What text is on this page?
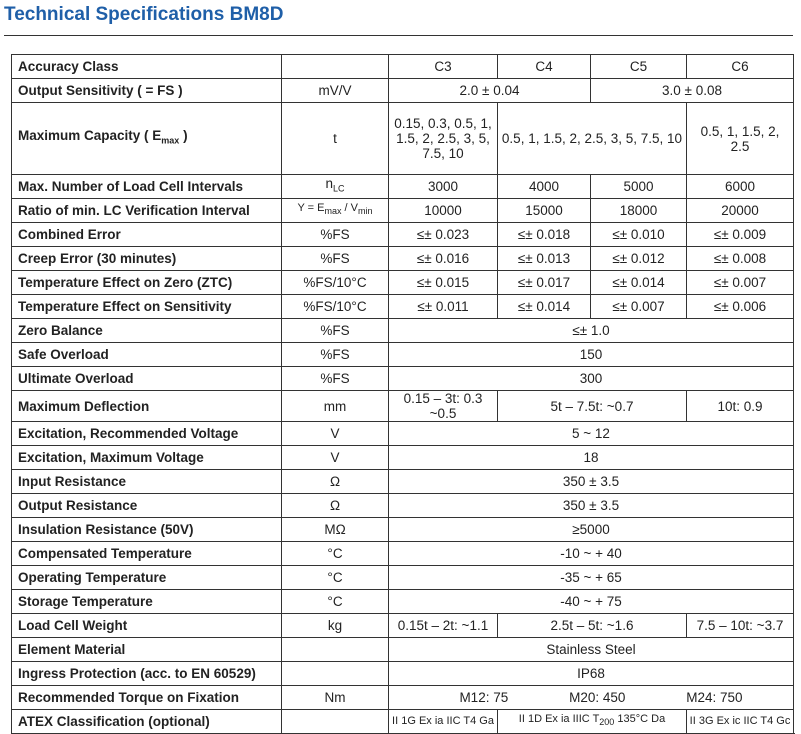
Technical Specifications BM8D
Accuracy Class		C3	C4	C5	C6
Output Sensitivity ( = FS )	mV/V	2.0 ± 0.04		3.0 ± 0.08	
Maximum Capacity ( $E_{max}$ )	t	0.15, 0.3, 0.5, 1, 1.5, 2, 2.5, 3, 5, 7.5, 10	0.5, 1, 1.5, 2, 2.5, 3, 5, 7.5, 10		0.5, 1, 1.5, 2, 2.5
Max. Number of Load Cell Intervals	$n_{LC}$	3000	4000	5000	6000
Ratio of min. LC Verification Interval	$Y = E_{max} / V_{min}$	10000	15000	18000	20000
Combined Error	%FS	≤± 0.023	≤± 0.018	≤± 0.010	≤± 0.009
Creep Error (30 minutes)	%FS	≤± 0.016	≤± 0.013	≤± 0.012	≤± 0.008
Temperature Effect on Zero (ZTC)	%FS/10°C	≤± 0.015	≤± 0.017	≤± 0.014	≤± 0.007
Temperature Effect on Sensitivity	%FS/10°C	≤± 0.011	≤± 0.014	≤± 0.007	≤± 0.006
Zero Balance	%FS	≤± 1.0			
Safe Overload	%FS	150			
Ultimate Overload	%FS	300			
Maximum Deflection	mm	0.15 – 3t: 0.3 ~0.5	5t – 7.5t: ~0.7		10t: 0.9
Excitation, Recommended Voltage	V	5 ~ 12			
Excitation, Maximum Voltage	V	18			
Input Resistance	Ω	350 ± 3.5			
Output Resistance	Ω	350 ± 3.5			
Insulation Resistance (50V)	MΩ	≥5000			
Compensated Temperature	°C	-10 ~ + 40			
Operating Temperature	°C	-35 ~ + 65			
Storage Temperature	°C	-40 ~ + 75			
Load Cell Weight	kg	0.15t – 2t: ~1.1	2.5t – 5t: ~1.6		7.5 – 10t: ~3.7
Element Material		Stainless Steel			
Ingress Protection (acc. to EN 60529)		IP68			
Recommended Torque on Fixation	Nm	M12: 75 M20: 450 M24: 750			

ATEX Classification (optional)		II 1G Ex ia IIC T4 Ga	II 1D Ex ia IIIC $T_{200}$ 135°C Da		II 3G Ex ic IIC T4 Gc
